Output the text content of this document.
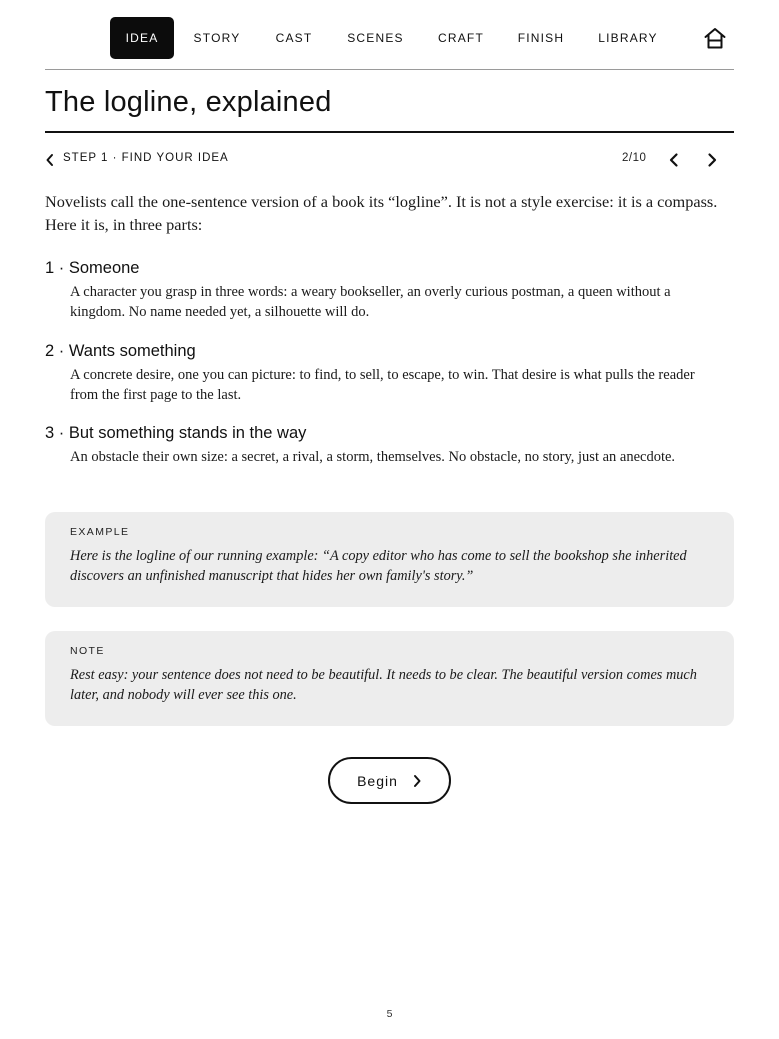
IDEA	STORY	CAST	SCENES	CRAFT	FINISH	LIBRARY
The logline, explained
STEP 1 · FIND YOUR IDEA	2/10

Novelists call the one-sentence version of a book its “logline”. It is not a style exercise: it is a compass. Here it is, in three parts:

1 · Someone

A character you grasp in three words: a weary bookseller, an overly curious postman, a queen without a kingdom. No name needed yet, a silhouette will do.

2 · Wants something

A concrete desire, one you can picture: to find, to sell, to escape, to win. That desire is what pulls the reader from the first page to the last.

3 · But something stands in the way

An obstacle their own size: a secret, a rival, a storm, themselves. No obstacle, no story, just an anecdote.

EXAMPLE
Here is the logline of our running example: “A copy editor who has come to sell the bookshop she inherited discovers an unfinished manuscript that hides her own family's story.”
NOTE
Rest easy: your sentence does not need to be beautiful. It needs to be clear. The beautiful version comes much later, and nobody will ever see this one.
Begin
5
